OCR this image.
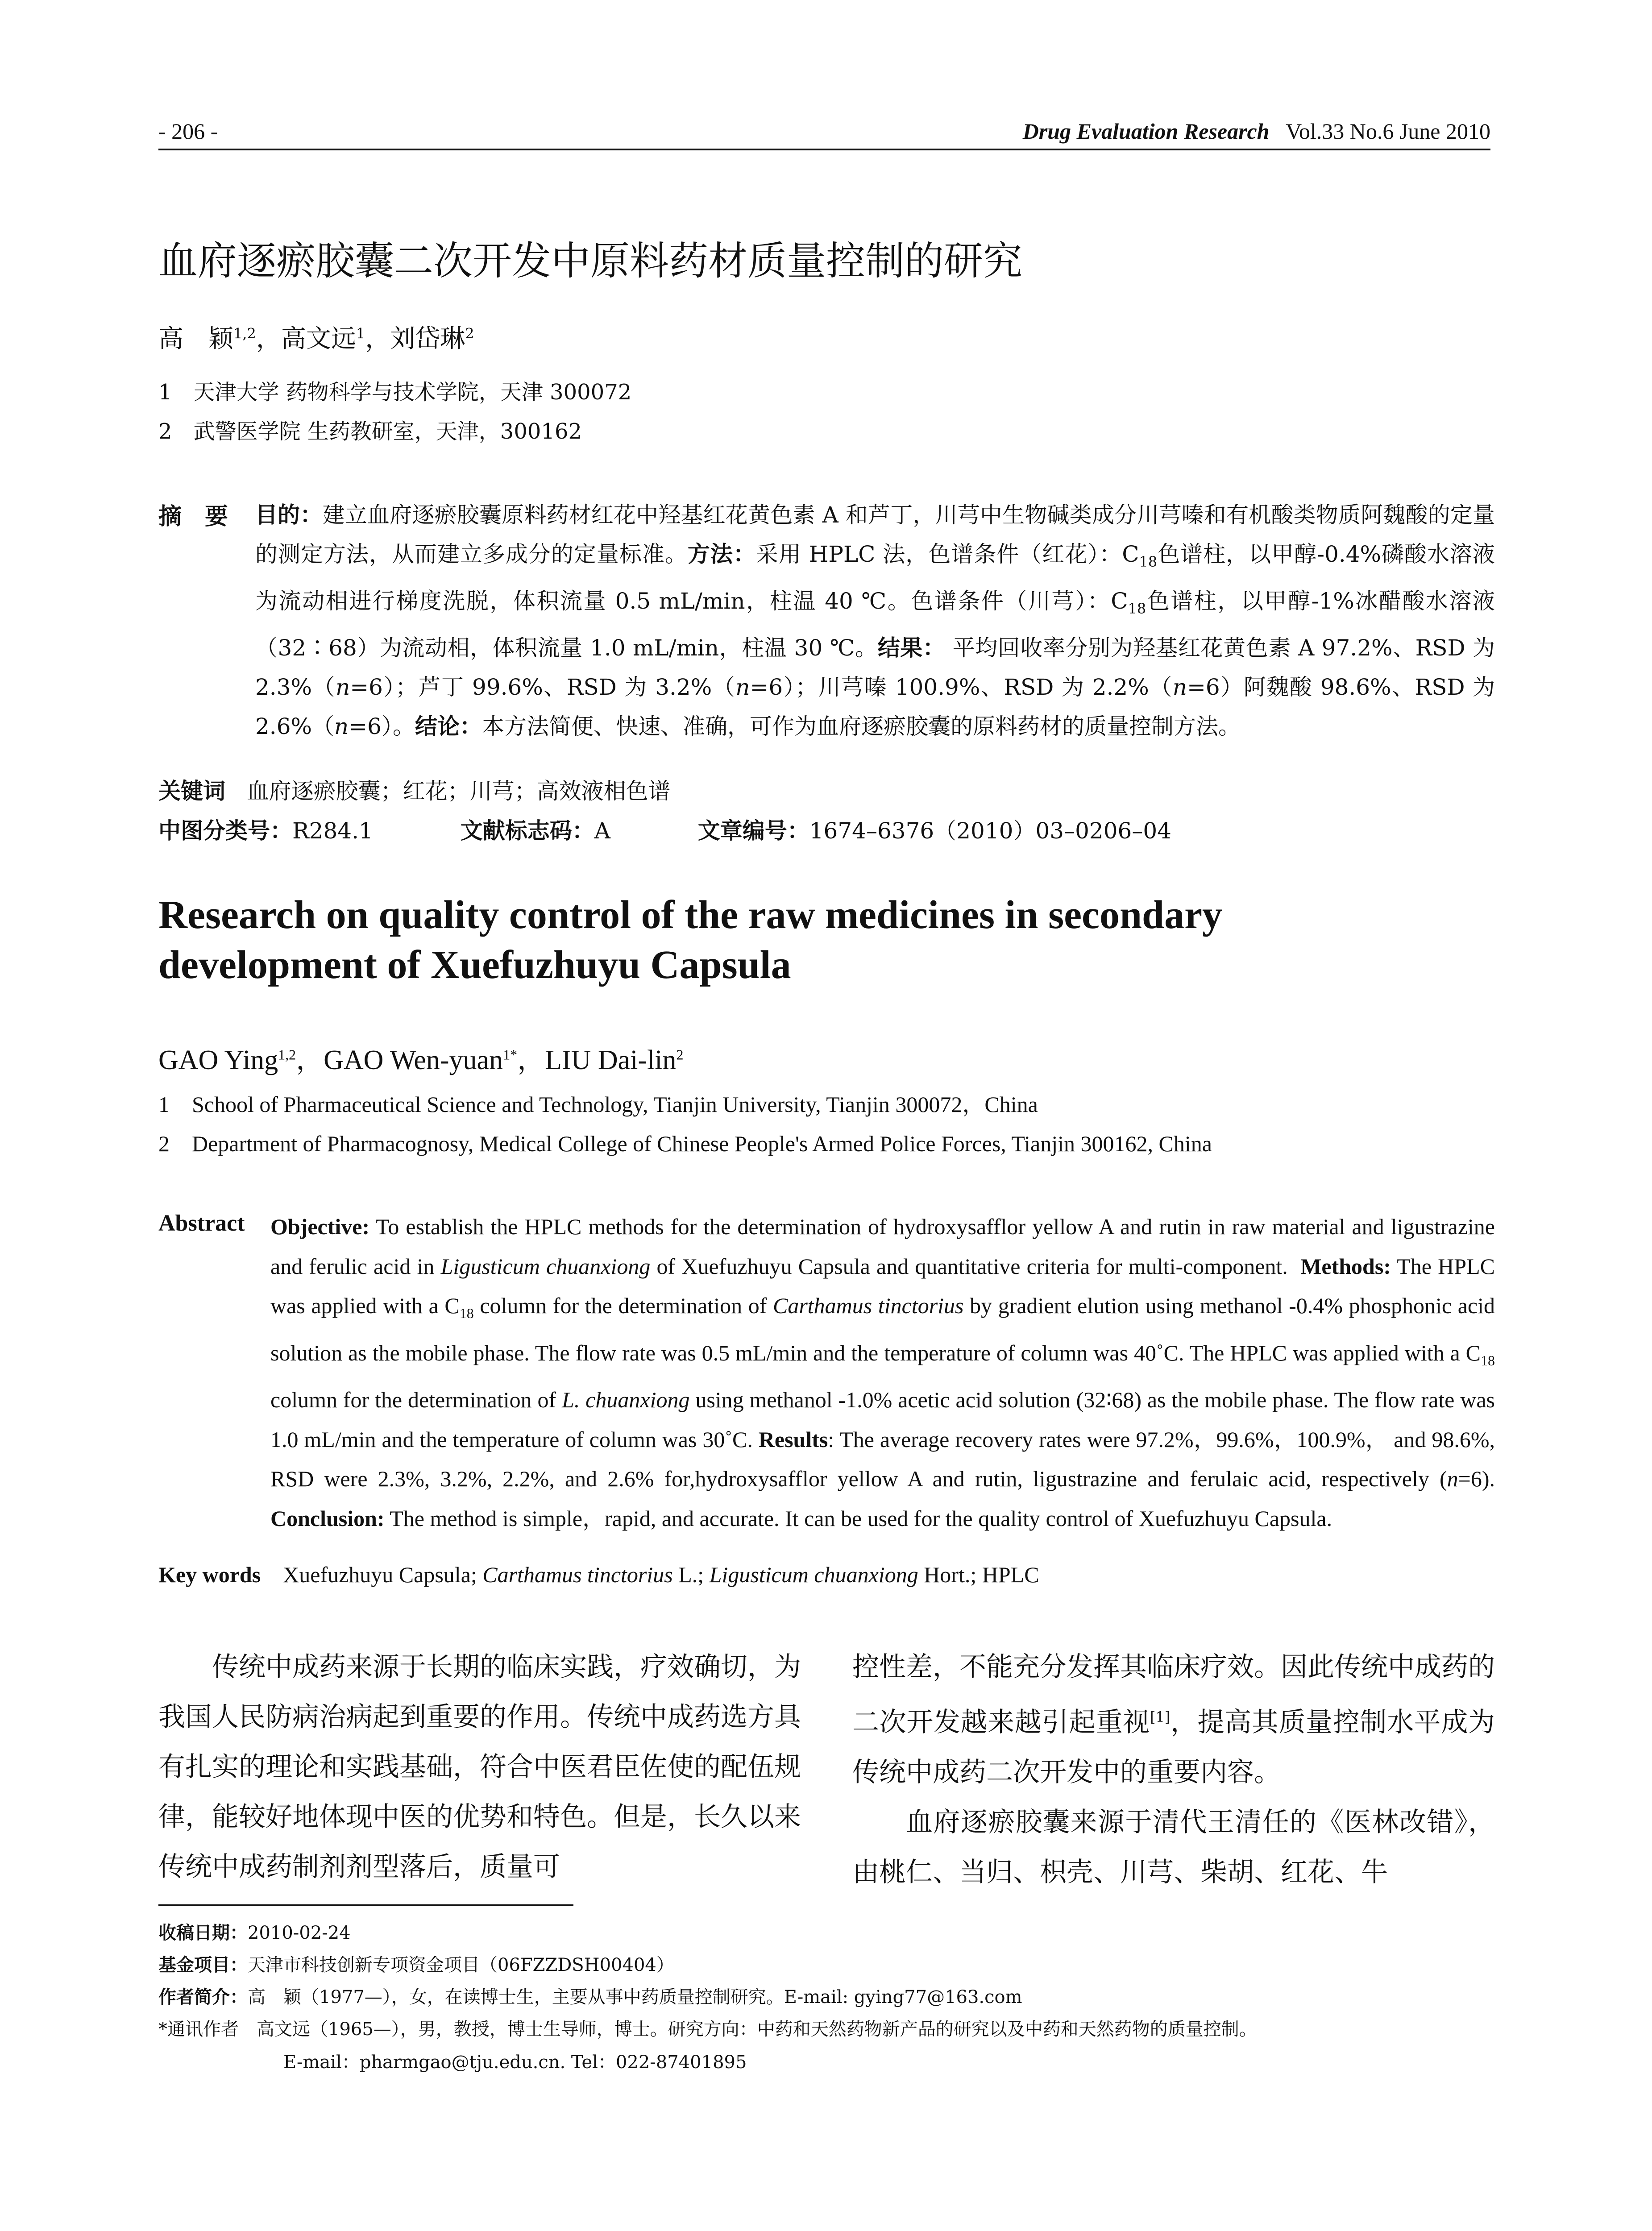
- 206 -	Drug Evaluation Research Vol.33 No.6 June 2010
血府逐瘀胶囊二次开发中原料药材质量控制的研究
高　颖$^{1,2}$，高文远$^1$，刘岱琳$^2$
1　天津大学 药物科学与技术学院，天津 300072
2　武警医学院 生药教研室，天津，300162
摘　要 目的：建立血府逐瘀胶囊原料药材红花中羟基红花黄色素 A 和芦丁，川芎中生物碱类成分川芎嗪和有机酸类物质阿魏酸的定量的测定方法，从而建立多成分的定量标准。方法：采用 HPLC 法，色谱条件（红花）：$C_{18}$色谱柱，以甲醇-0.4%磷酸水溶液为流动相进行梯度洗脱，体积流量 0.5 mL/min，柱温 40 ℃。色谱条件（川芎）：$C_{18}$色谱柱，以甲醇-1%冰醋酸水溶液（32∶68）为流动相，体积流量 1.0 mL/min，柱温 30 ℃。结果： 平均回收率分别为羟基红花黄色素 A 97.2%、RSD 为 2.3%（n=6）；芦丁 99.6%、RSD 为 3.2%（n=6）；川芎嗪 100.9%、RSD 为 2.2%（n=6）阿魏酸 98.6%、RSD 为 2.6%（n=6）。结论：本方法简便、快速、准确，可作为血府逐瘀胶囊的原料药材的质量控制方法。
关键词 血府逐瘀胶囊；红花；川芎；高效液相色谱
中图分类号：R284.1	文献标志码：A	文章编号：1674–6376（2010）03–0206–04
Research on quality control of the raw medicines in secondary
development of Xuefuzhuyu Capsula
GAO Ying$^{1,2}$，GAO Wen-yuan$^{1*}$，LIU Dai-lin$^2$
1　School of Pharmaceutical Science and Technology, Tianjin University, Tianjin 300072，China
2　Department of Pharmacognosy, Medical College of Chinese People's Armed Police Forces, Tianjin 300162, China
Abstract Objective: To establish the HPLC methods for the determination of hydroxysafflor yellow A and rutin in raw material and ligustrazine and ferulic acid in Ligusticum chuanxiong of Xuefuzhuyu Capsula and quantitative criteria for multi-component. Methods: The HPLC was applied with a $C_{18}$ column for the determination of Carthamus tinctorius by gradient elution using methanol -0.4% phosphonic acid solution as the mobile phase. The flow rate was 0.5 mL/min and the temperature of column was 40˚C. The HPLC was applied with a $C_{18}$ column for the determination of L. chuanxiong using methanol -1.0% acetic acid solution (32∶68) as the mobile phase. The flow rate was 1.0 mL/min and the temperature of column was 30˚C. Results: The average recovery rates were 97.2%，99.6%，100.9%， and 98.6%, RSD were 2.3%, 3.2%, 2.2%, and 2.6% for,hydroxysafflor yellow A and rutin, ligustrazine and ferulaic acid, respectively (n=6). Conclusion: The method is simple，rapid, and accurate. It can be used for the quality control of Xuefuzhuyu Capsula.
Key words Xuefuzhuyu Capsula; Carthamus tinctorius L.; Ligusticum chuanxiong Hort.; HPLC

传统中成药来源于长期的临床实践，疗效确切，为我国人民防病治病起到重要的作用。传统中成药选方具有扎实的理论和实践基础，符合中医君臣佐使的配伍规律，能较好地体现中医的优势和特色。但是，长久以来传统中成药制剂剂型落后，质量可

控性差，不能充分发挥其临床疗效。因此传统中成药的二次开发越来越引起重视[1]，提高其质量控制水平成为传统中成药二次开发中的重要内容。

血府逐瘀胶囊来源于清代王清任的《医林改错》，由桃仁、当归、枳壳、川芎、柴胡、红花、牛

收稿日期：2010-02-24
基金项目：天津市科技创新专项资金项目（06FZZDSH00404）
作者简介：高　颖（1977—），女，在读博士生，主要从事中药质量控制研究。E-mail: gying77@163.com
*通讯作者　高文远（1965—），男，教授，博士生导师，博士。研究方向：中药和天然药物新产品的研究以及中药和天然药物的质量控制。
E-mail：pharmgao@tju.edu.cn. Tel：022-87401895
